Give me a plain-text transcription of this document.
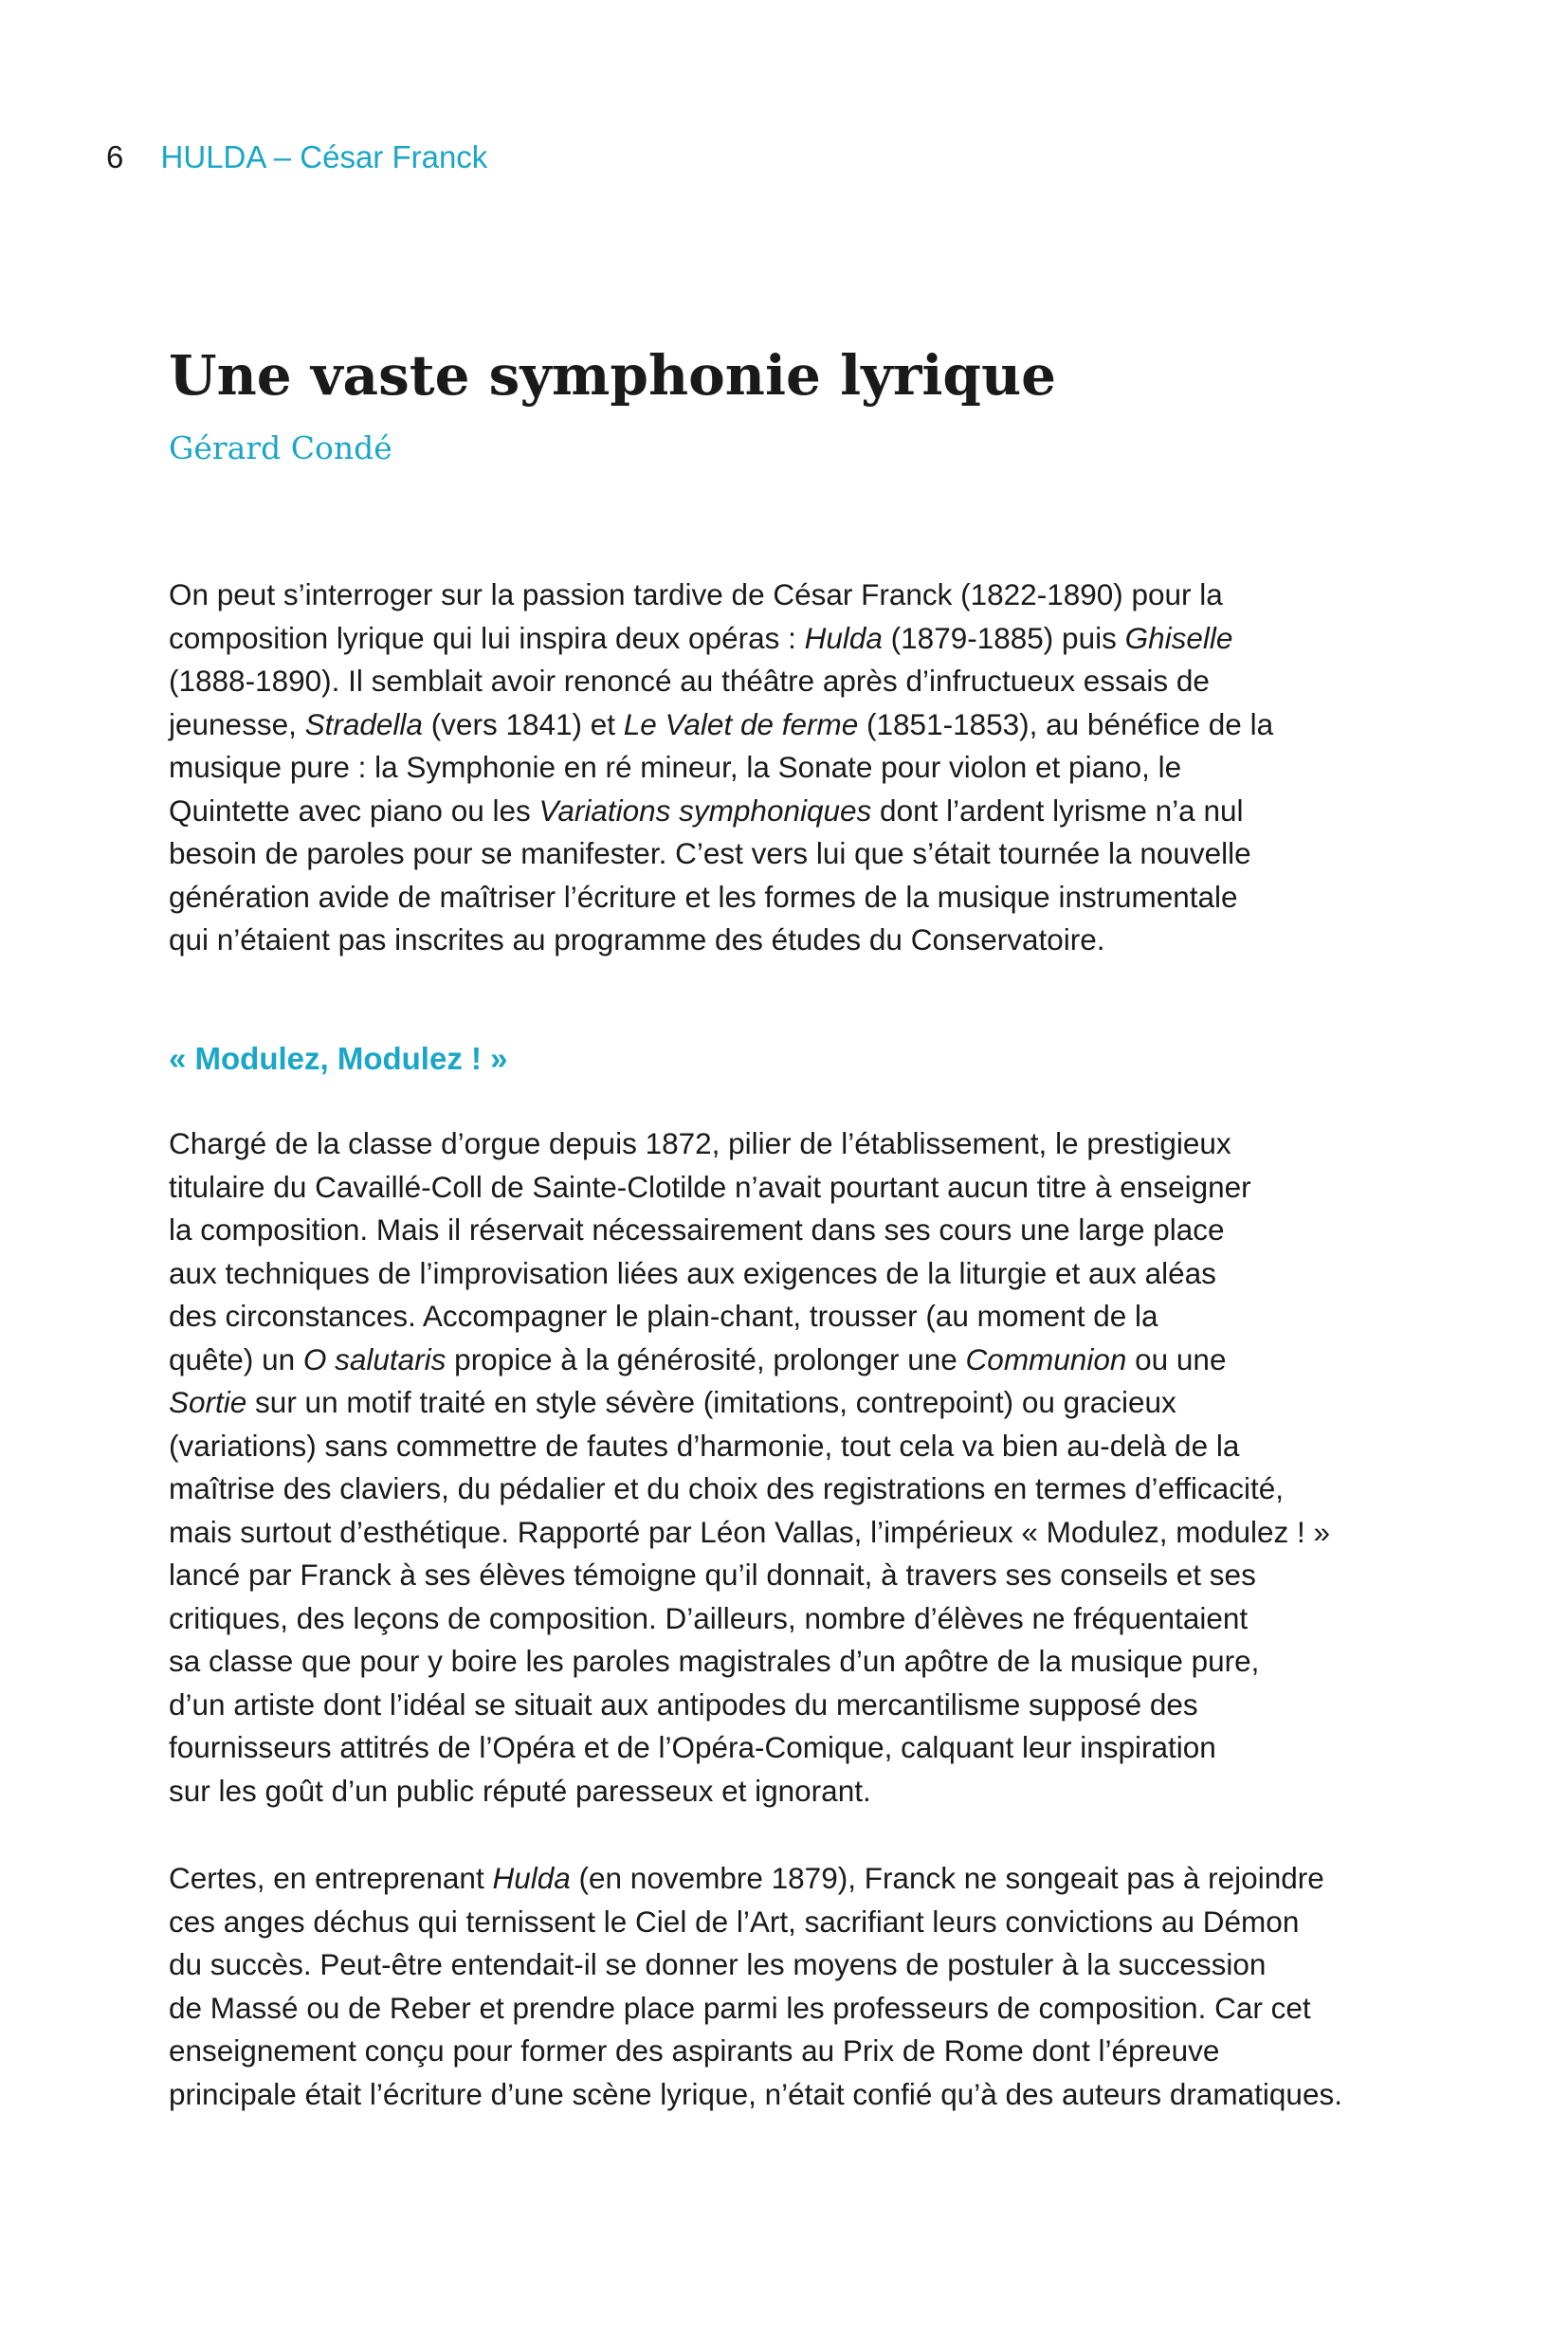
6 HULDA – César Franck
Une vaste symphonie lyrique

Gérard Condé

On peut s’interroger sur la passion tardive de César Franck (1822-1890) pour la
composition lyrique qui lui inspira deux opéras : Hulda (1879-1885) puis Ghiselle
(1888-1890). Il semblait avoir renoncé au théâtre après d’infructueux essais de
jeunesse, Stradella (vers 1841) et Le Valet de ferme (1851-1853), au bénéfice de la
musique pure : la Symphonie en ré mineur, la Sonate pour violon et piano, le
Quintette avec piano ou les Variations symphoniques dont l’ardent lyrisme n’a nul
besoin de paroles pour se manifester. C’est vers lui que s’était tournée la nouvelle
génération avide de maîtriser l’écriture et les formes de la musique instrumentale
qui n’étaient pas inscrites au programme des études du Conservatoire.
« Modulez, Modulez ! »
Chargé de la classe d’orgue depuis 1872, pilier de l’établissement, le prestigieux
titulaire du Cavaillé-Coll de Sainte-Clotilde n’avait pourtant aucun titre à enseigner
la composition. Mais il réservait nécessairement dans ses cours une large place
aux techniques de l’improvisation liées aux exigences de la liturgie et aux aléas
des circonstances. Accompagner le plain-chant, trousser (au moment de la
quête) un O salutaris propice à la générosité, prolonger une Communion ou une
Sortie sur un motif traité en style sévère (imitations, contrepoint) ou gracieux
(variations) sans commettre de fautes d’harmonie, tout cela va bien au-delà de la
maîtrise des claviers, du pédalier et du choix des registrations en termes d’efficacité,
mais surtout d’esthétique. Rapporté par Léon Vallas, l’impérieux « Modulez, modulez ! »
lancé par Franck à ses élèves témoigne qu’il donnait, à travers ses conseils et ses
critiques, des leçons de composition. D’ailleurs, nombre d’élèves ne fréquentaient
sa classe que pour y boire les paroles magistrales d’un apôtre de la musique pure,
d’un artiste dont l’idéal se situait aux antipodes du mercantilisme supposé des
fournisseurs attitrés de l’Opéra et de l’Opéra-Comique, calquant leur inspiration
sur les goût d’un public réputé paresseux et ignorant.
Certes, en entreprenant Hulda (en novembre 1879), Franck ne songeait pas à rejoindre
ces anges déchus qui ternissent le Ciel de l’Art, sacrifiant leurs convictions au Démon
du succès. Peut-être entendait-il se donner les moyens de postuler à la succession
de Massé ou de Reber et prendre place parmi les professeurs de composition. Car cet
enseignement conçu pour former des aspirants au Prix de Rome dont l’épreuve
principale était l’écriture d’une scène lyrique, n’était confié qu’à des auteurs dramatiques.
